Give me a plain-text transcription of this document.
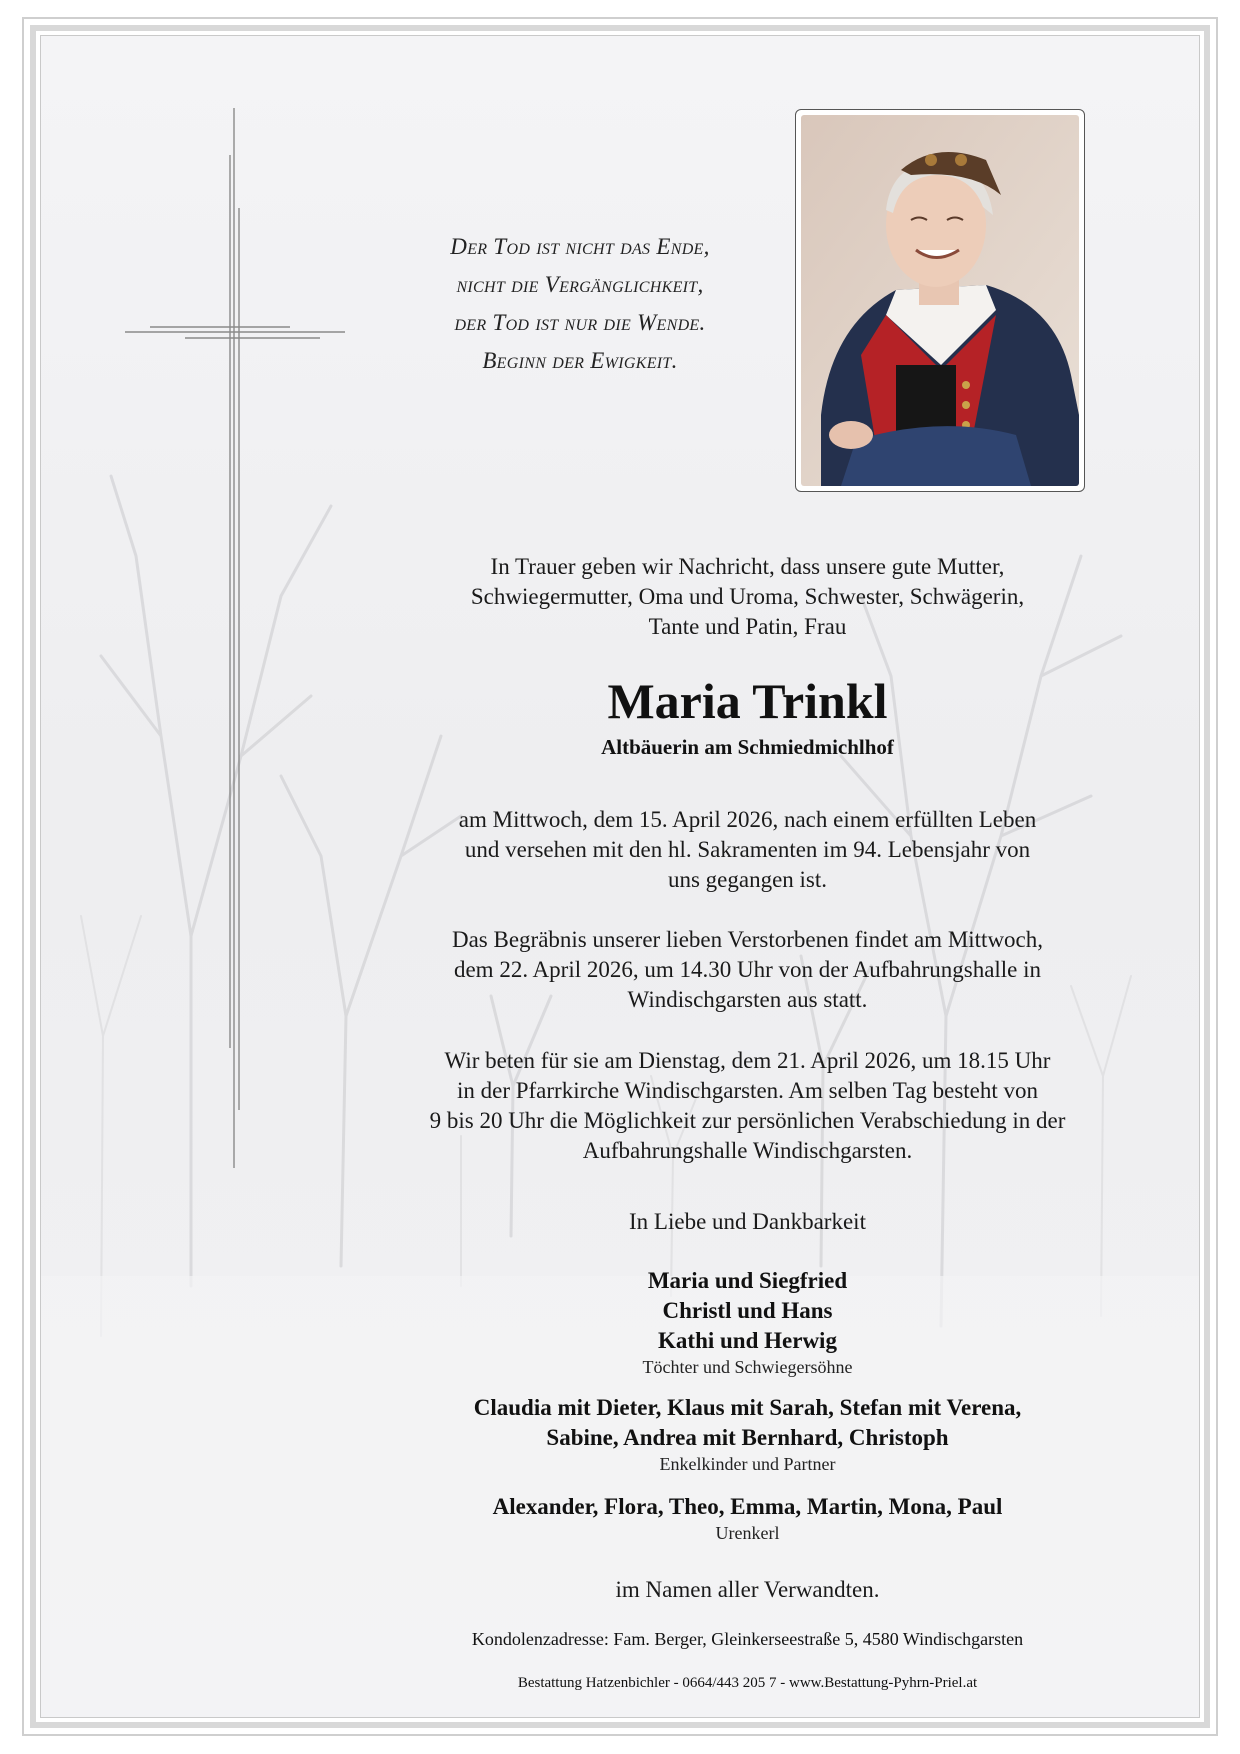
Der Tod ist nicht das Ende,
nicht die Vergänglichkeit,
der Tod ist nur die Wende.
Beginn der Ewigkeit.
In Trauer geben wir Nachricht, dass unsere gute Mutter,
Schwiegermutter, Oma und Uroma, Schwester, Schwägerin,
Tante und Patin, Frau
Maria Trinkl
Altbäuerin am Schmiedmichlhof
am Mittwoch, dem 15. April 2026, nach einem erfüllten Leben
und versehen mit den hl. Sakramenten im 94. Lebensjahr von
uns gegangen ist.
Das Begräbnis unserer lieben Verstorbenen findet am Mittwoch,
dem 22. April 2026, um 14.30 Uhr von der Aufbahrungshalle in
Windischgarsten aus statt.
Wir beten für sie am Dienstag, dem 21. April 2026, um 18.15 Uhr
in der Pfarrkirche Windischgarsten. Am selben Tag besteht von
9 bis 20 Uhr die Möglichkeit zur persönlichen Verabschiedung in der
Aufbahrungshalle Windischgarsten.
In Liebe und Dankbarkeit
Maria und Siegfried
Christl und Hans
Kathi und Herwig
Töchter und Schwiegersöhne
Claudia mit Dieter, Klaus mit Sarah, Stefan mit Verena,
Sabine, Andrea mit Bernhard, Christoph
Enkelkinder und Partner
Alexander, Flora, Theo, Emma, Martin, Mona, Paul
Urenkerl
im Namen aller Verwandten.
Kondolenzadresse: Fam. Berger, Gleinkerseestraße 5, 4580 Windischgarsten
Bestattung Hatzenbichler - 0664/443 205 7 - www.Bestattung-Pyhrn-Priel.at
